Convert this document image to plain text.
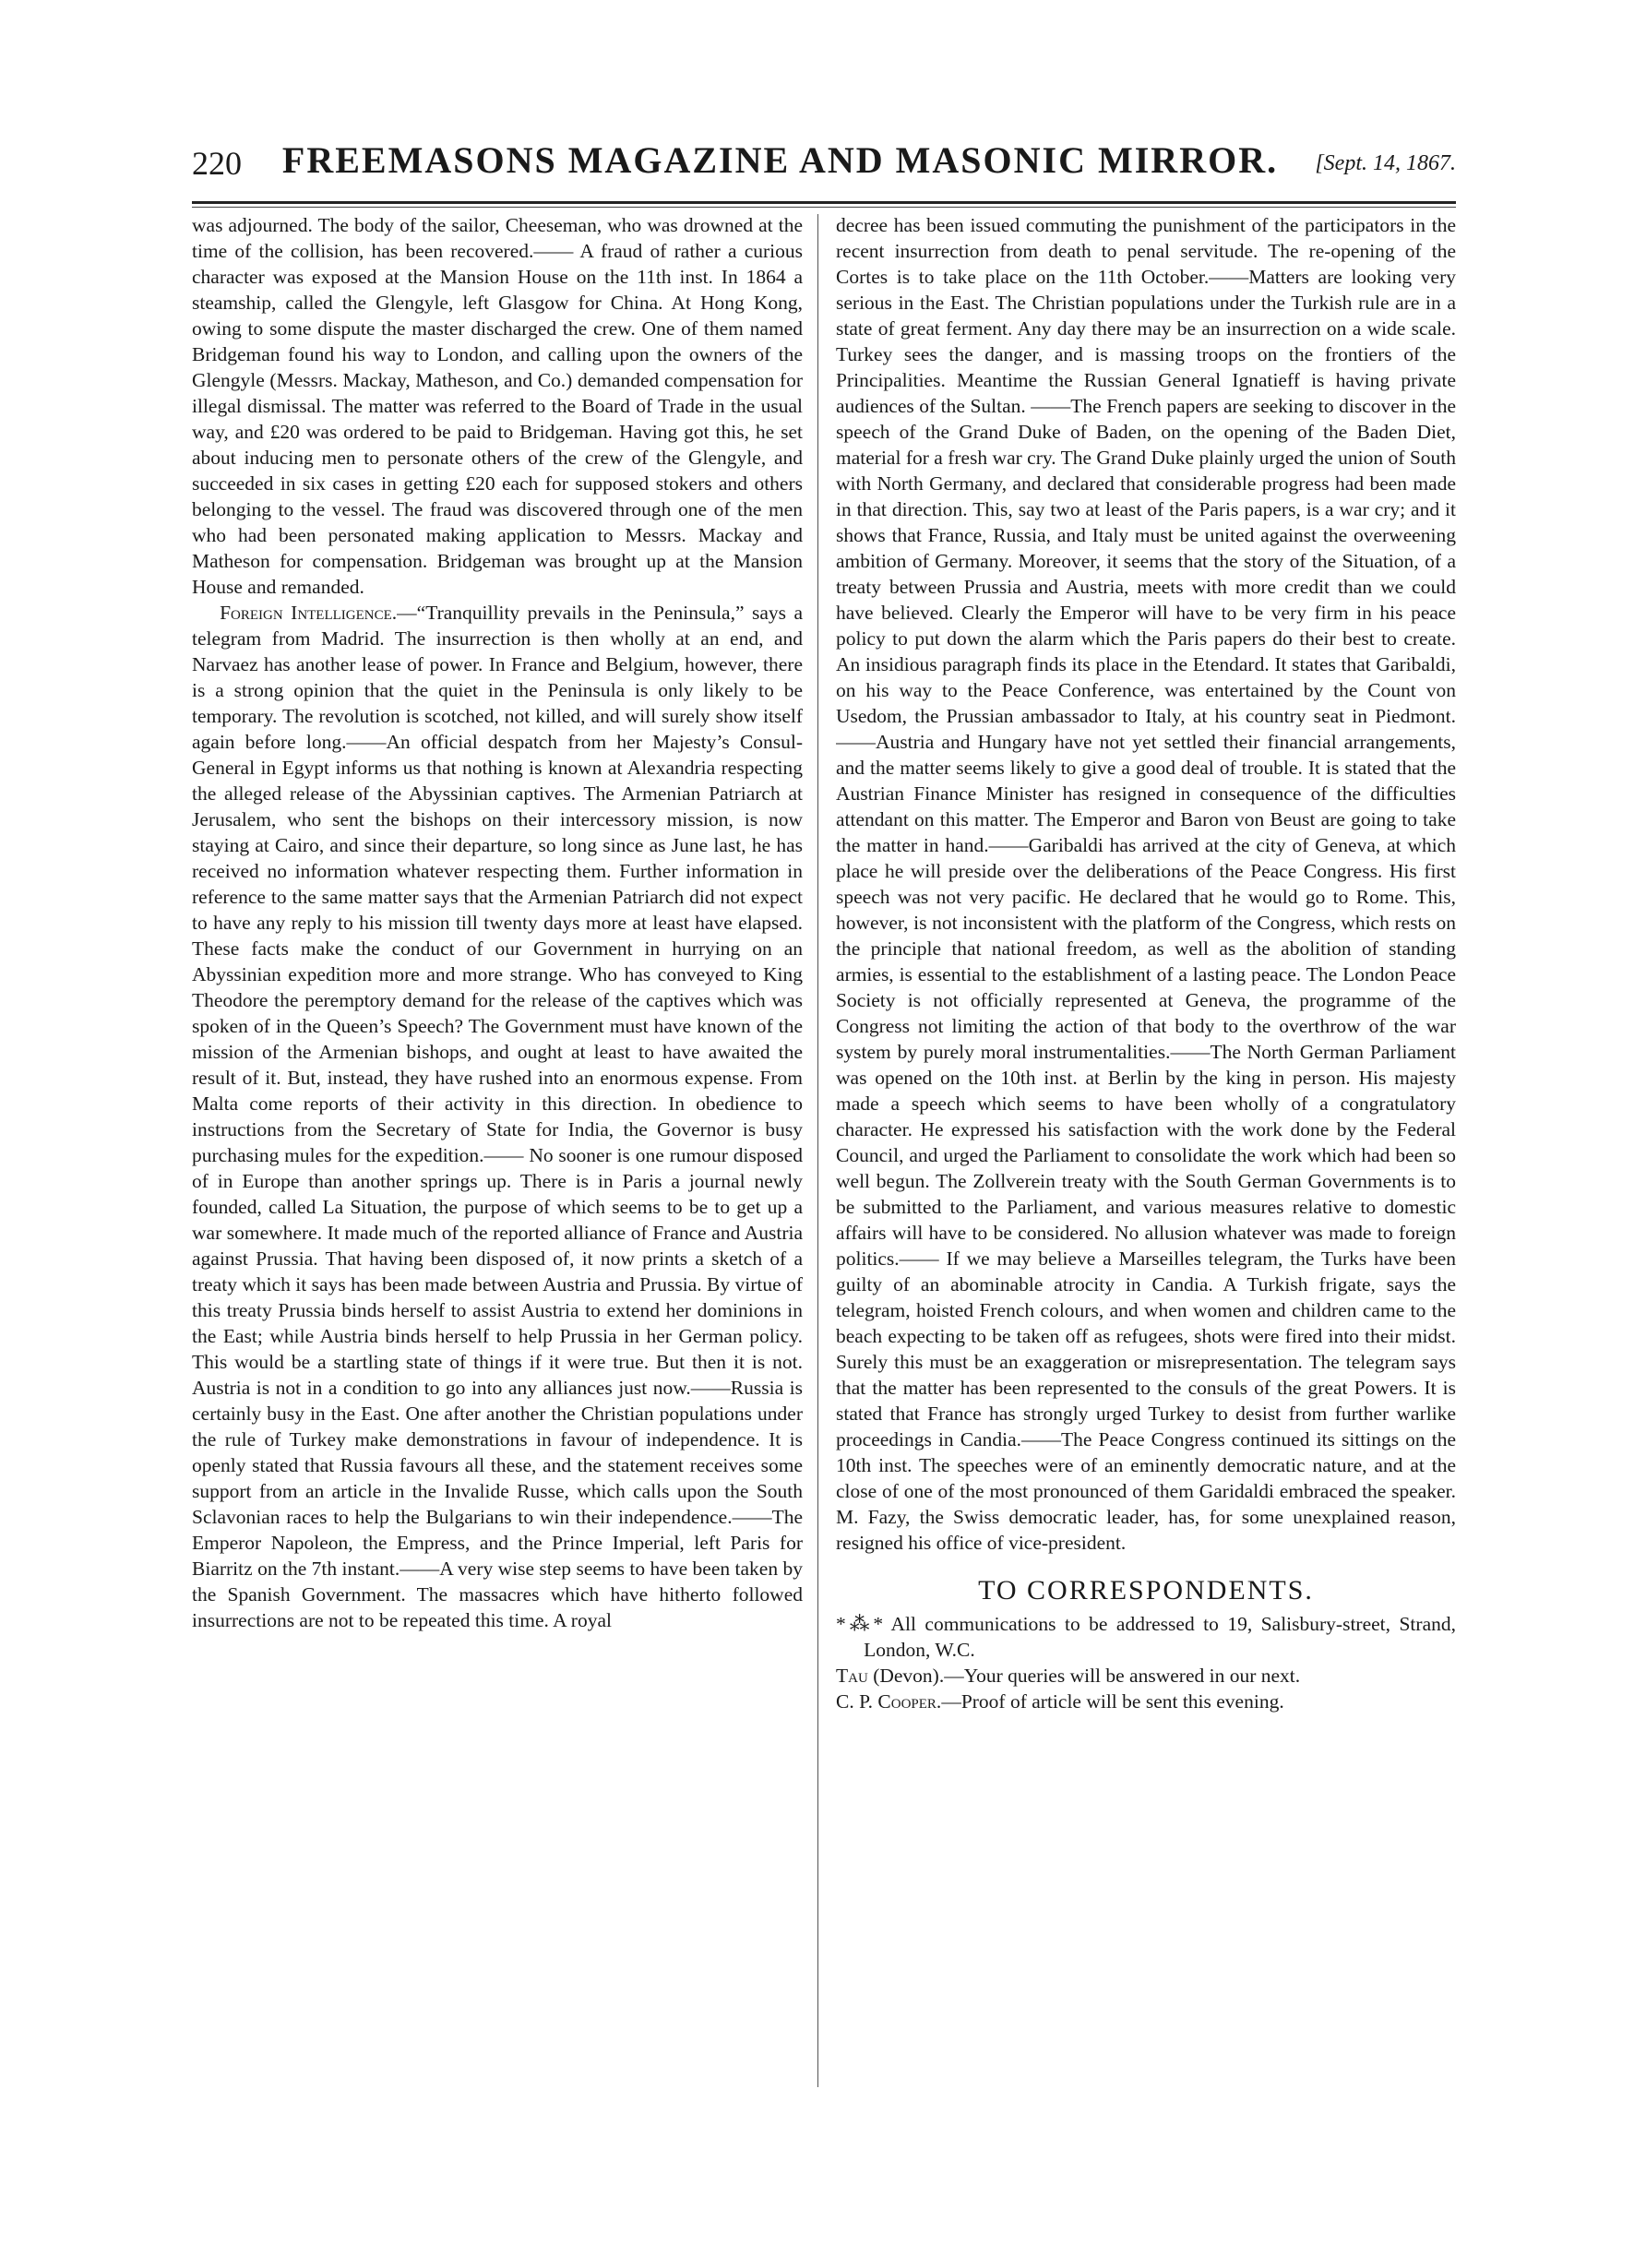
220	FREEMASONS MAGAZINE AND MASONIC MIRROR.	[Sept. 14, 1867.

was adjourned. The body of the sailor, Cheeseman, who was drowned at the time of the collision, has been recovered.—— A fraud of rather a curious character was exposed at the Mansion House on the 11th inst. In 1864 a steamship, called the Glengyle, left Glasgow for China. At Hong Kong, owing to some dispute the master discharged the crew. One of them named Bridgeman found his way to London, and calling upon the owners of the Glengyle (Messrs. Mackay, Matheson, and Co.) demanded compensation for illegal dismissal. The matter was referred to the Board of Trade in the usual way, and £20 was ordered to be paid to Bridgeman. Having got this, he set about inducing men to personate others of the crew of the Glengyle, and succeeded in six cases in getting £20 each for supposed stokers and others belonging to the vessel. The fraud was discovered through one of the men who had been personated making application to Messrs. Mackay and Matheson for compensation. Bridgeman was brought up at the Mansion House and remanded.

Foreign Intelligence.—“Tranquillity prevails in the Peninsula,” says a telegram from Madrid. The insurrection is then wholly at an end, and Narvaez has another lease of power. In France and Belgium, however, there is a strong opinion that the quiet in the Peninsula is only likely to be temporary. The revolution is scotched, not killed, and will surely show itself again before long.——An official despatch from her Majesty’s Consul-General in Egypt informs us that nothing is known at Alexandria respecting the alleged release of the Abyssinian captives. The Armenian Patriarch at Jerusalem, who sent the bishops on their intercessory mission, is now staying at Cairo, and since their departure, so long since as June last, he has received no information whatever respecting them. Further information in reference to the same matter says that the Armenian Patriarch did not expect to have any reply to his mission till twenty days more at least have elapsed. These facts make the conduct of our Government in hurrying on an Abyssinian expedition more and more strange. Who has conveyed to King Theodore the peremptory demand for the release of the captives which was spoken of in the Queen’s Speech? The Government must have known of the mission of the Armenian bishops, and ought at least to have awaited the result of it. But, instead, they have rushed into an enormous expense. From Malta come reports of their activity in this direction. In obedience to instructions from the Secretary of State for India, the Governor is busy purchasing mules for the expedition.—— No sooner is one rumour disposed of in Europe than another springs up. There is in Paris a journal newly founded, called La Situation, the purpose of which seems to be to get up a war somewhere. It made much of the reported alliance of France and Austria against Prussia. That having been disposed of, it now prints a sketch of a treaty which it says has been made between Austria and Prussia. By virtue of this treaty Prussia binds herself to assist Austria to extend her dominions in the East; while Austria binds herself to help Prussia in her German policy. This would be a startling state of things if it were true. But then it is not. Austria is not in a condition to go into any alliances just now.——Russia is certainly busy in the East. One after another the Christian populations under the rule of Turkey make demonstrations in favour of independence. It is openly stated that Russia favours all these, and the statement receives some support from an article in the Invalide Russe, which calls upon the South Sclavonian races to help the Bulgarians to win their independence.——The Emperor Napoleon, the Empress, and the Prince Imperial, left Paris for Biarritz on the 7th instant.——A very wise step seems to have been taken by the Spanish Government. The massacres which have hitherto followed insurrections are not to be repeated this time. A royal

decree has been issued commuting the punishment of the participators in the recent insurrection from death to penal servitude. The re-opening of the Cortes is to take place on the 11th October.——Matters are looking very serious in the East. The Christian populations under the Turkish rule are in a state of great ferment. Any day there may be an insurrection on a wide scale. Turkey sees the danger, and is massing troops on the frontiers of the Principalities. Meantime the Russian General Ignatieff is having private audiences of the Sultan. ——The French papers are seeking to discover in the speech of the Grand Duke of Baden, on the opening of the Baden Diet, material for a fresh war cry. The Grand Duke plainly urged the union of South with North Germany, and declared that considerable progress had been made in that direction. This, say two at least of the Paris papers, is a war cry; and it shows that France, Russia, and Italy must be united against the overweening ambition of Germany. Moreover, it seems that the story of the Situation, of a treaty between Prussia and Austria, meets with more credit than we could have believed. Clearly the Emperor will have to be very firm in his peace policy to put down the alarm which the Paris papers do their best to create. An insidious paragraph finds its place in the Etendard. It states that Garibaldi, on his way to the Peace Conference, was entertained by the Count von Usedom, the Prussian ambassador to Italy, at his country seat in Piedmont.——Austria and Hungary have not yet settled their financial arrangements, and the matter seems likely to give a good deal of trouble. It is stated that the Austrian Finance Minister has resigned in consequence of the difficulties attendant on this matter. The Emperor and Baron von Beust are going to take the matter in hand.——Garibaldi has arrived at the city of Geneva, at which place he will preside over the deliberations of the Peace Congress. His first speech was not very pacific. He declared that he would go to Rome. This, however, is not inconsistent with the platform of the Congress, which rests on the principle that national freedom, as well as the abolition of standing armies, is essential to the establishment of a lasting peace. The London Peace Society is not officially represented at Geneva, the programme of the Congress not limiting the action of that body to the overthrow of the war system by purely moral instrumentalities.——The North German Parliament was opened on the 10th inst. at Berlin by the king in person. His majesty made a speech which seems to have been wholly of a congratulatory character. He expressed his satisfaction with the work done by the Federal Council, and urged the Parliament to consolidate the work which had been so well begun. The Zollverein treaty with the South German Governments is to be submitted to the Parliament, and various measures relative to domestic affairs will have to be considered. No allusion whatever was made to foreign politics.—— If we may believe a Marseilles telegram, the Turks have been guilty of an abominable atrocity in Candia. A Turkish frigate, says the telegram, hoisted French colours, and when women and children came to the beach expecting to be taken off as refugees, shots were fired into their midst. Surely this must be an exaggeration or misrepresentation. The telegram says that the matter has been represented to the consuls of the great Powers. It is stated that France has strongly urged Turkey to desist from further warlike proceedings in Candia.——The Peace Congress continued its sittings on the 10th inst. The speeches were of an eminently democratic nature, and at the close of one of the most pronounced of them Garidaldi embraced the speaker. M. Fazy, the Swiss democratic leader, has, for some unexplained reason, resigned his office of vice-president.

TO CORRESPONDENTS.

*⁂* All communications to be addressed to 19, Salisbury-street, Strand, London, W.C.

Tau (Devon).—Your queries will be answered in our next.

C. P. Cooper.—Proof of article will be sent this evening.
